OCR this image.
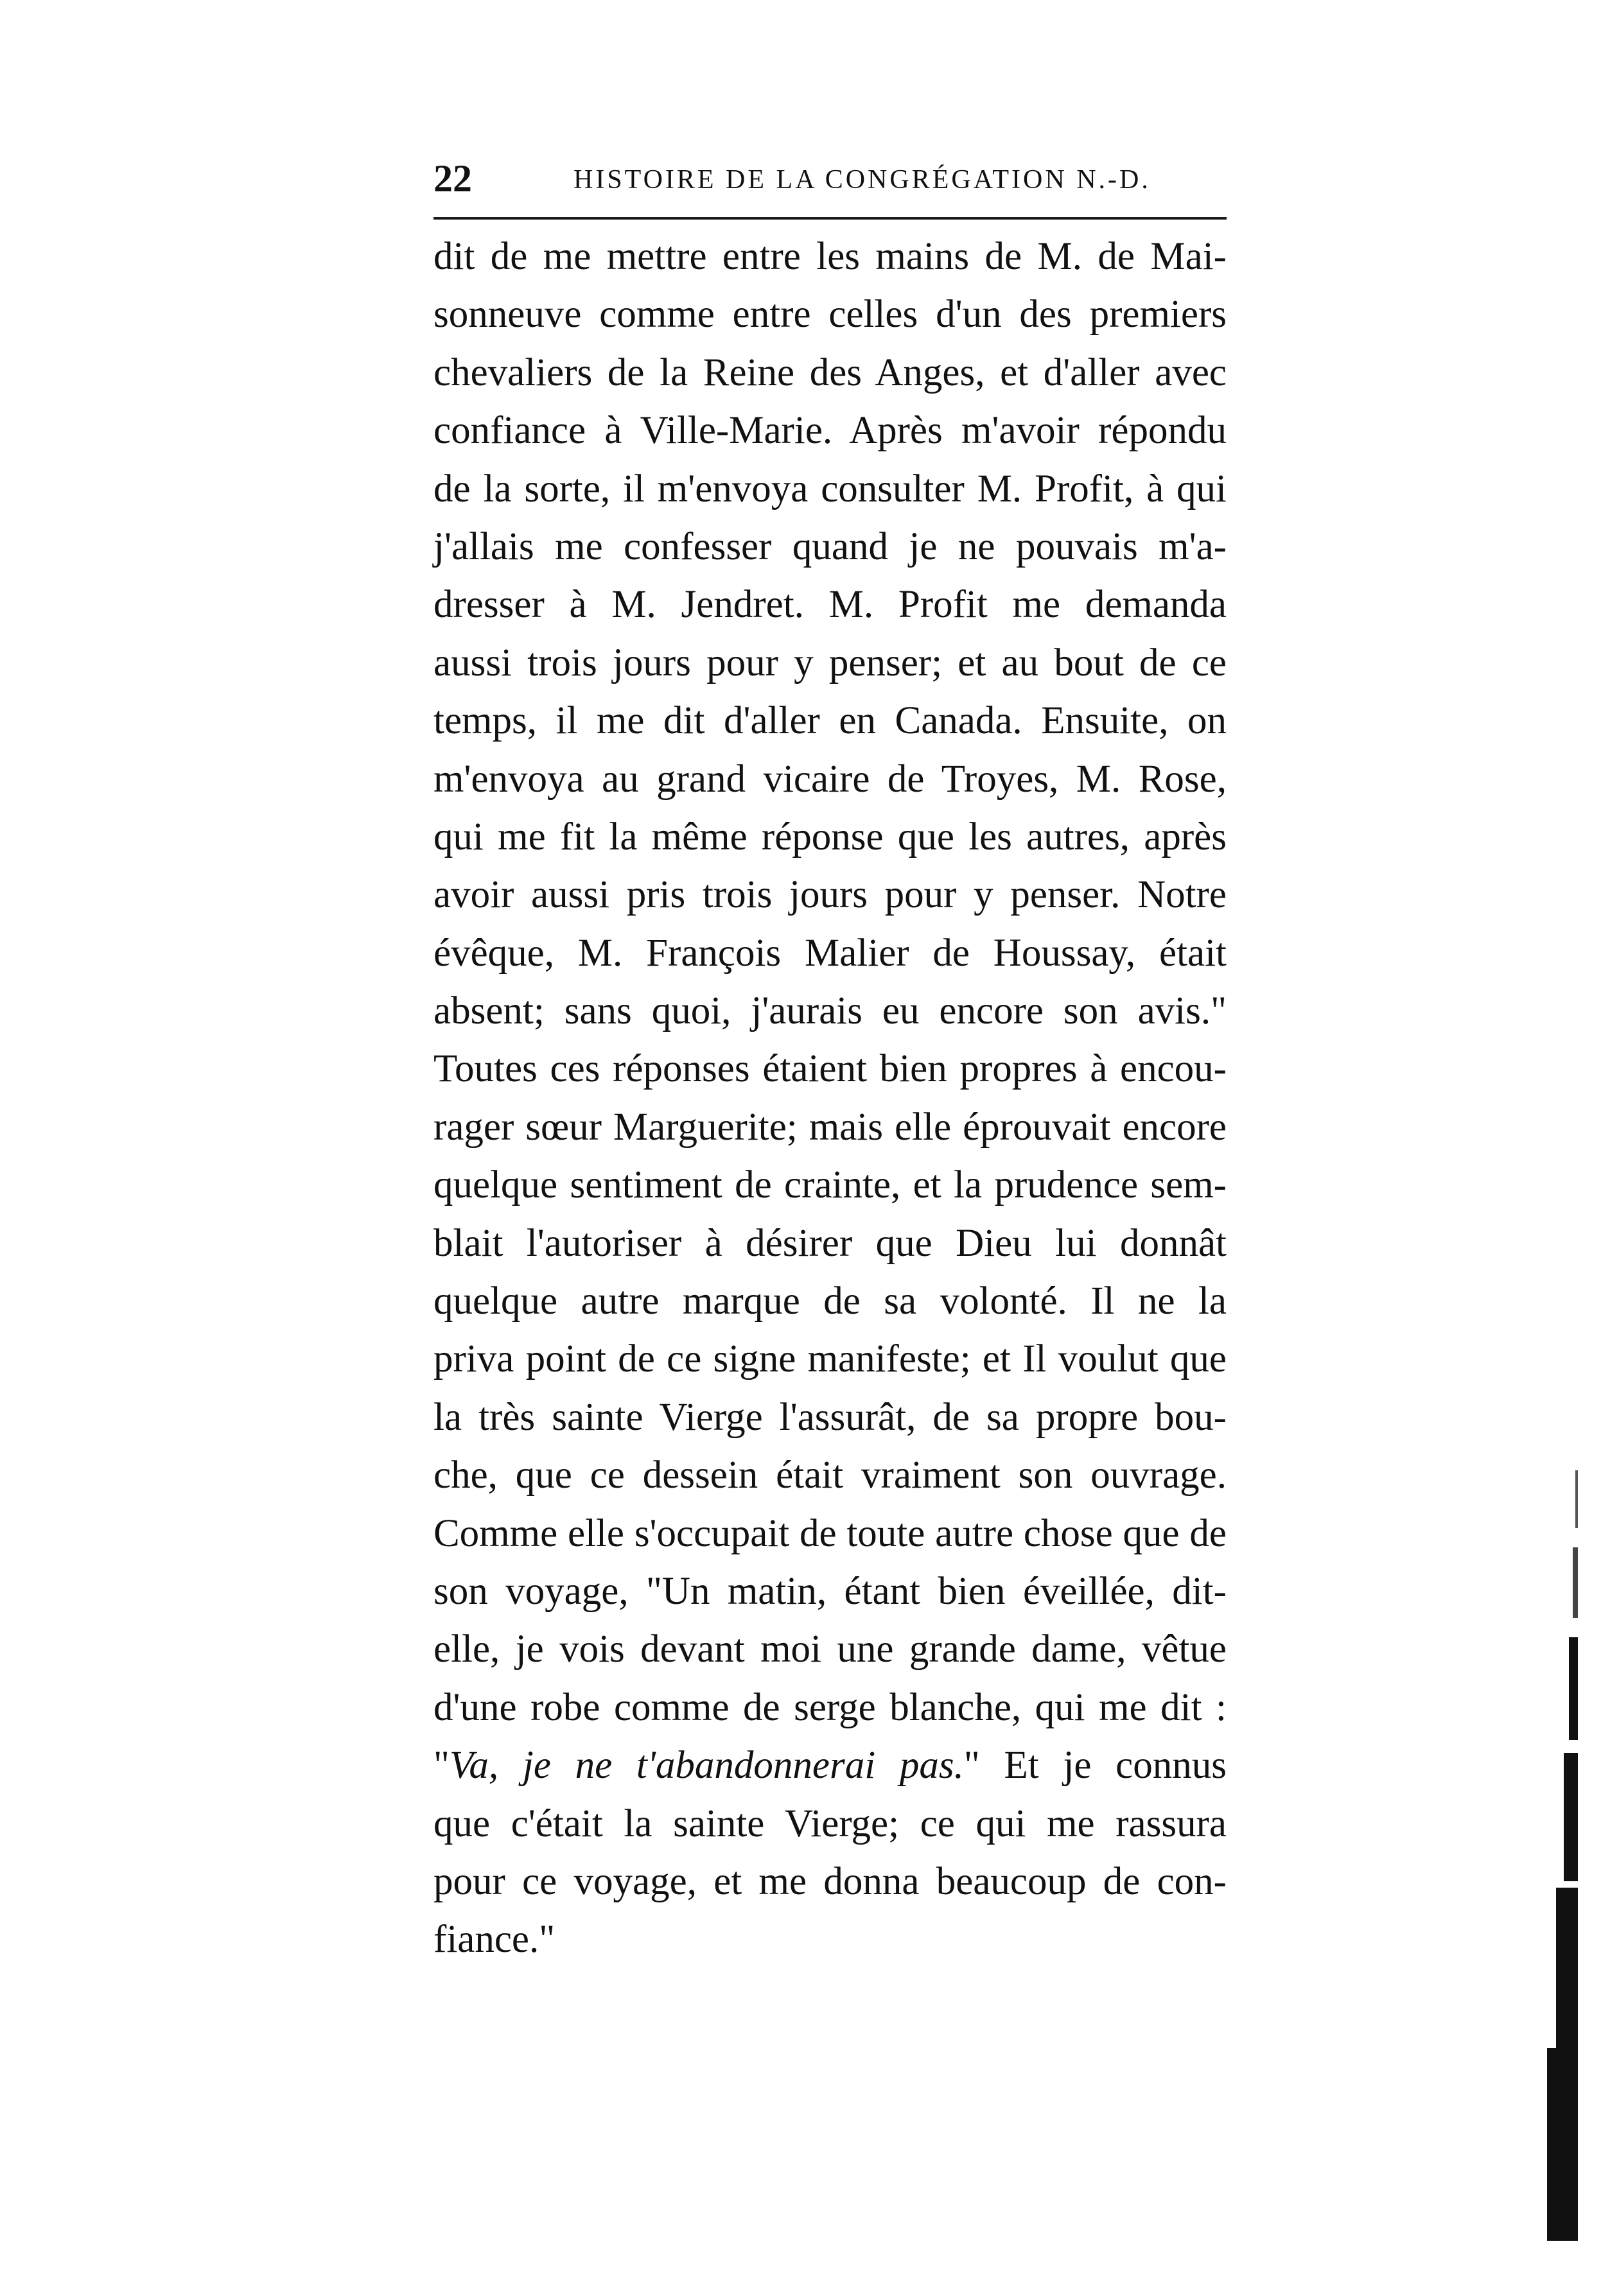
22	HISTOIRE DE LA CONGRÉGATION N.-D.
dit de me mettre entre les mains de M. de Mai-
sonneuve comme entre celles d'un des premiers
chevaliers de la Reine des Anges, et d'aller avec
confiance à Ville-Marie. Après m'avoir répondu
de la sorte, il m'envoya consulter M. Profit, à qui
j'allais me confesser quand je ne pouvais m'a-
dresser à M. Jendret. M. Profit me demanda
aussi trois jours pour y penser; et au bout de ce
temps, il me dit d'aller en Canada. Ensuite, on
m'envoya au grand vicaire de Troyes, M. Rose,
qui me fit la même réponse que les autres, après
avoir aussi pris trois jours pour y penser. Notre
évêque, M. François Malier de Houssay, était
absent; sans quoi, j'aurais eu encore son avis."
Toutes ces réponses étaient bien propres à encou-
rager sœur Marguerite; mais elle éprouvait encore
quelque sentiment de crainte, et la prudence sem-
blait l'autoriser à désirer que Dieu lui donnât
quelque autre marque de sa volonté. Il ne la
priva point de ce signe manifeste; et Il voulut que
la très sainte Vierge l'assurât, de sa propre bou-
che, que ce dessein était vraiment son ouvrage.
Comme elle s'occupait de toute autre chose que de
son voyage, "Un matin, étant bien éveillée, dit-
elle, je vois devant moi une grande dame, vêtue
d'une robe comme de serge blanche, qui me dit :
"Va, je ne t'abandonnerai pas." Et je connus
que c'était la sainte Vierge; ce qui me rassura
pour ce voyage, et me donna beaucoup de con-
fiance."
